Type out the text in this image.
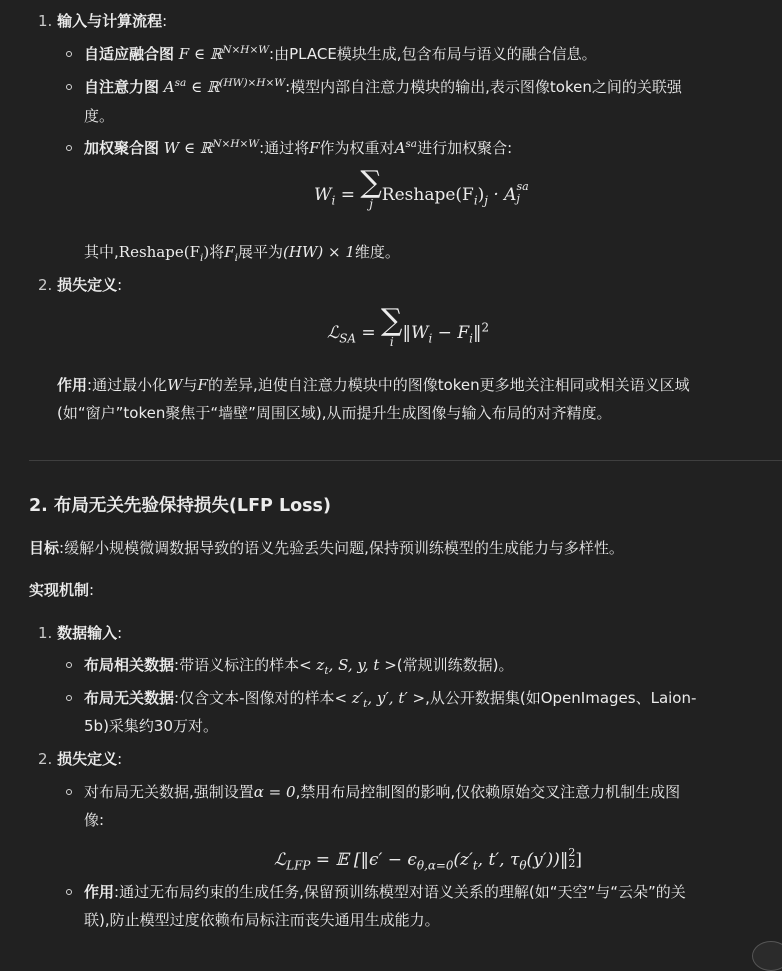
1. 输入与计算流程:
自适应融合图 F ∈ ℝ$^{N\times H\times W}$:由PLACE模块生成,包含布局与语义的融合信息。
自注意力图 $A^{sa}$ ∈ ℝ$^{(HW)\times H\times W}$:模型内部自注意力模块的输出,表示图像token之间的关联强
度。
加权聚合图 W ∈ ℝ$^{N\times H\times W}$:通过将F作为权重对$A^{sa}$进行加权聚合:
$W_i$ = ∑
j $Reshape(F_i)_j$ · Asa
j
其中$,Reshape(F_i)$将$F_i$展平为(HW) × 1维度。
2. 损失定义:
ℒ$_{SA}$ = ∑
i $‖W_i$ − $F_i‖^2$
作用:通过最小化W与F的差异,迫使自注意力模块中的图像token更多地关注相同或相关语义区域
(如“窗户”token聚焦于“墙壁”周围区域),从而提升生成图像与输入布局的对齐精度。
2. 布局无关先验保持损失(LFP Loss)
目标:缓解小规模微调数据导致的语义先验丢失问题,保持预训练模型的生成能力与多样性。
实现机制:
1. 数据输入:
布局相关数据:带语义标注的样本< $z_t$, S, y, t >(常规训练数据)。
布局无关数据:仅含文本-图像对的样本< $z'_t$, y′, t′ >,从公开数据集(如OpenImages、Laion-
5b)采集约30万对。
2. 损失定义:
对布局无关数据,强制设置α = 0,禁用布局控制图的影响,仅依赖原始交叉注意力机制生成图
像:
ℒ$_{LFP}$ = 𝔼 [‖ϵ′ − $\epsilon_{\theta,\alpha=0}(z'_t$, t′, $\tau_\theta(y'))‖2$
2]
作用:通过无布局约束的生成任务,保留预训练模型对语义关系的理解(如“天空”与“云朵”的关
联),防止模型过度依赖布局标注而丧失通用生成能力。
